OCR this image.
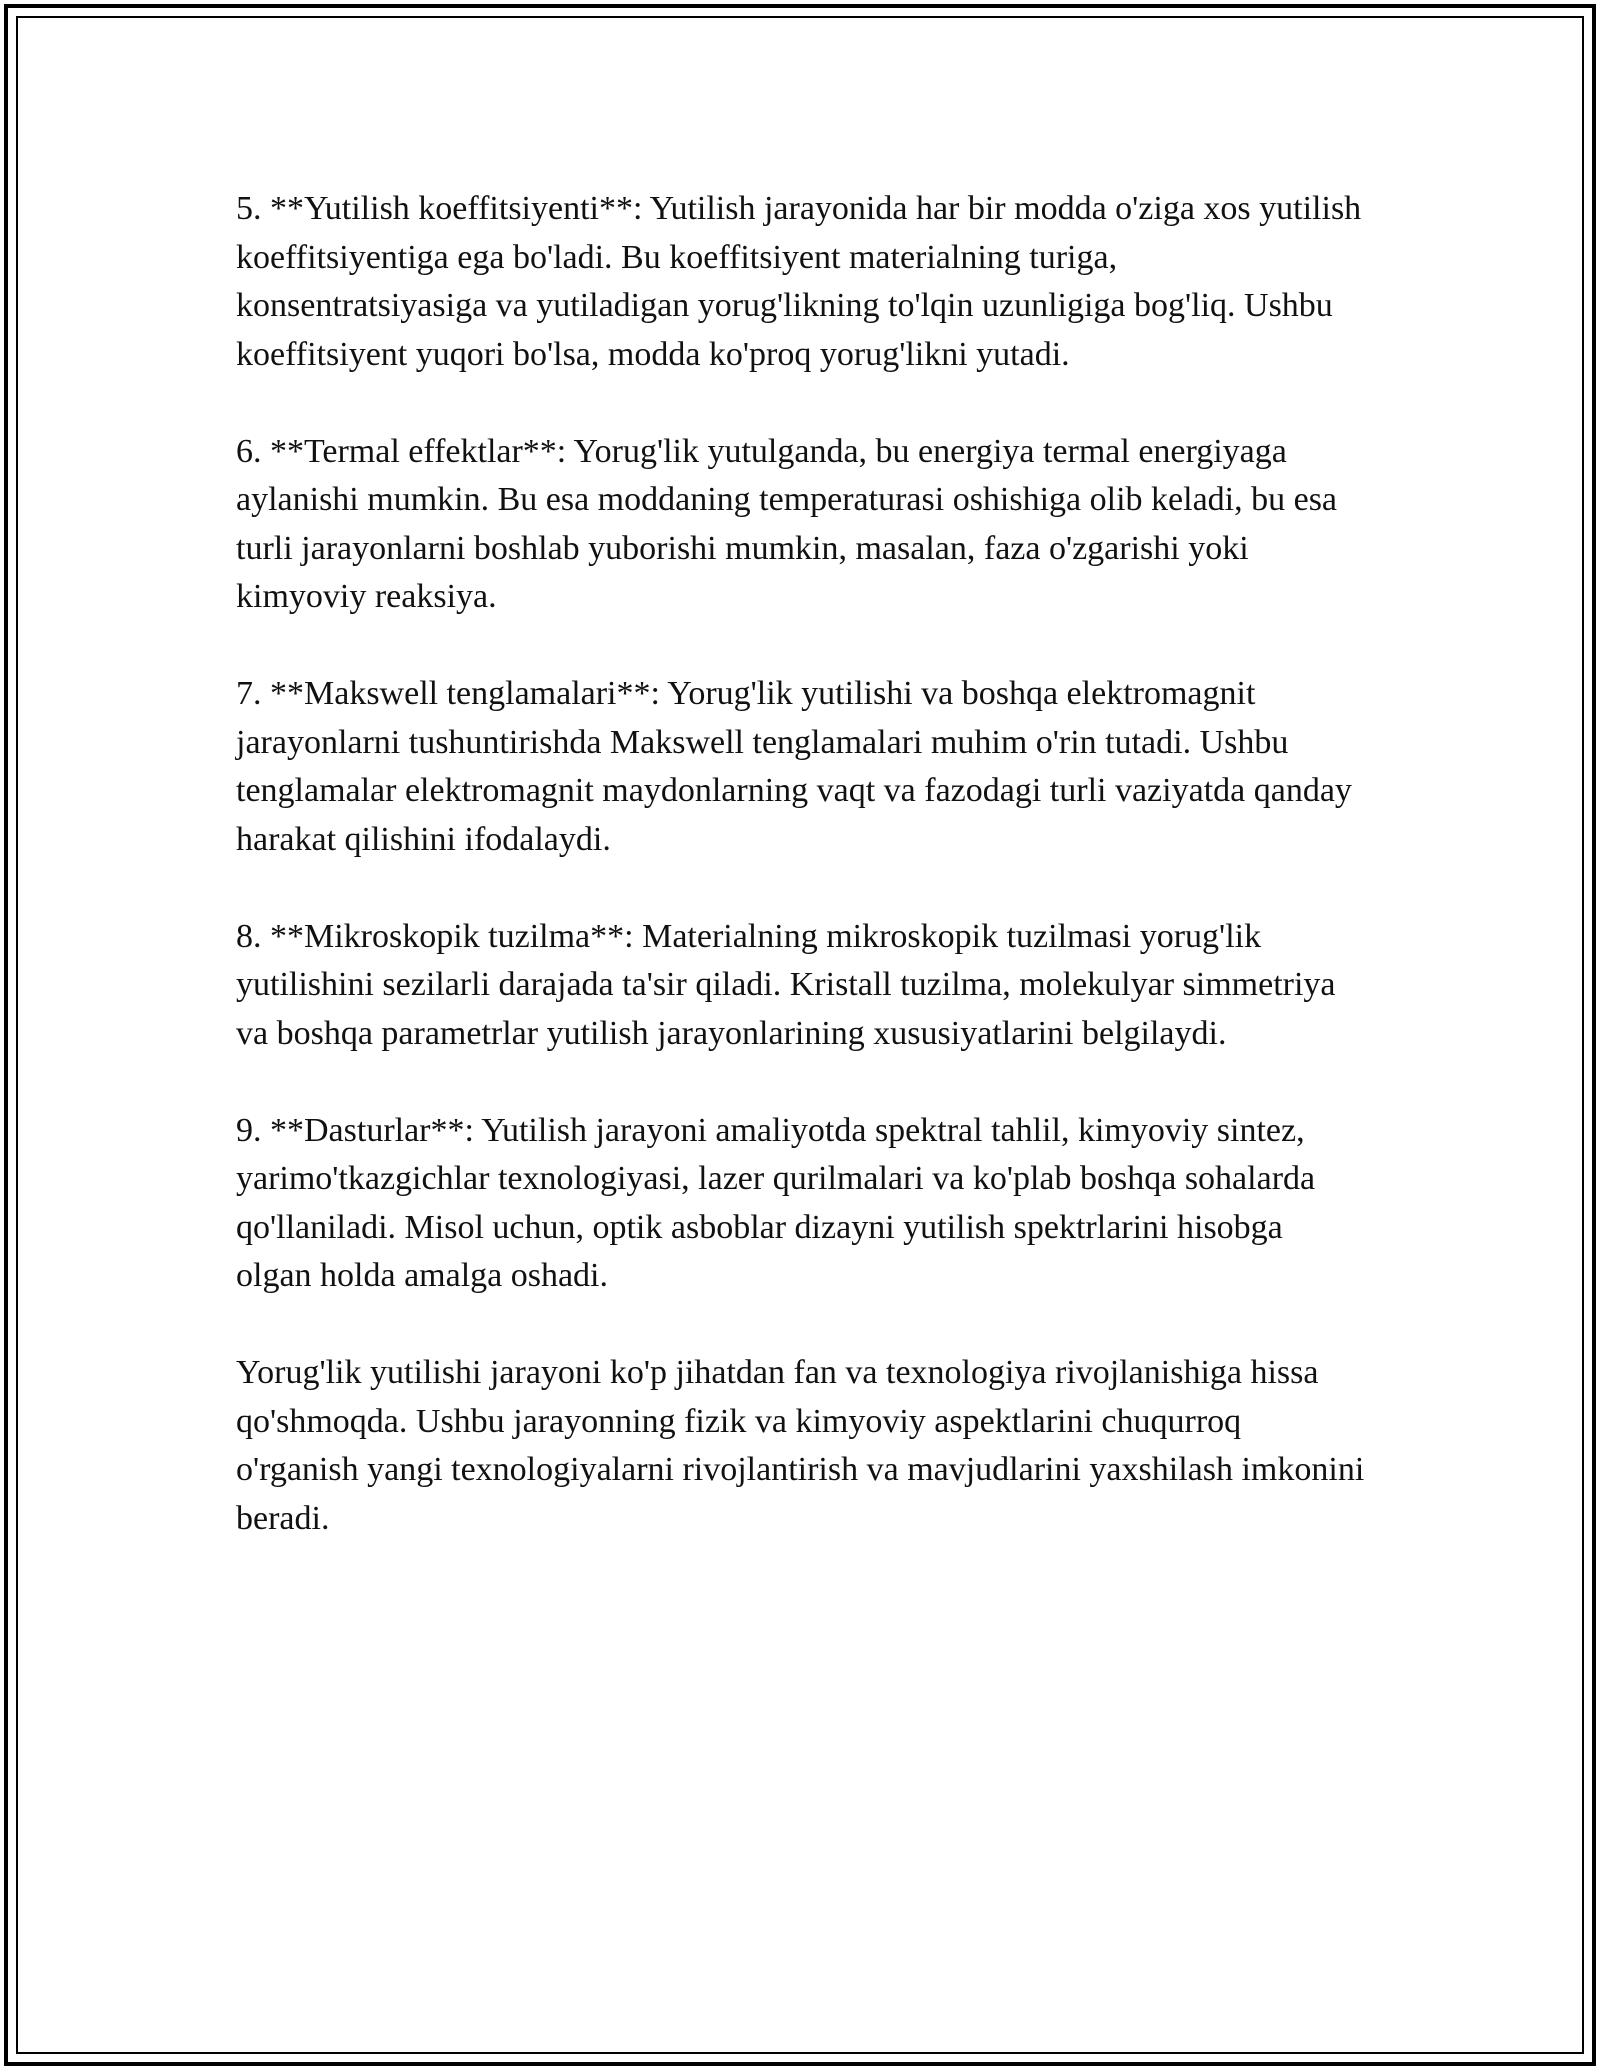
5. **Yutilish koeffitsiyenti**: Yutilish jarayonida har bir modda o'ziga xos yutilish koeffitsiyentiga ega bo'ladi. Bu koeffitsiyent materialning turiga, konsentratsiyasiga va yutiladigan yorug'likning to'lqin uzunligiga bog'liq. Ushbu koeffitsiyent yuqori bo'lsa, modda ko'proq yorug'likni yutadi.

6. **Termal effektlar**: Yorug'lik yutulganda, bu energiya termal energiyaga aylanishi mumkin. Bu esa moddaning temperaturasi oshishiga olib keladi, bu esa turli jarayonlarni boshlab yuborishi mumkin, masalan, faza o'zgarishi yoki kimyoviy reaksiya.

7. **Makswell tenglamalari**: Yorug'lik yutilishi va boshqa elektromagnit jarayonlarni tushuntirishda Makswell tenglamalari muhim o'rin tutadi. Ushbu tenglamalar elektromagnit maydonlarning vaqt va fazodagi turli vaziyatda qanday harakat qilishini ifodalaydi.

8. **Mikroskopik tuzilma**: Materialning mikroskopik tuzilmasi yorug'lik yutilishini sezilarli darajada ta'sir qiladi. Kristall tuzilma, molekulyar simmetriya va boshqa parametrlar yutilish jarayonlarining xususiyatlarini belgilaydi.

9. **Dasturlar**: Yutilish jarayoni amaliyotda spektral tahlil, kimyoviy sintez, yarimo'tkazgichlar texnologiyasi, lazer qurilmalari va ko'plab boshqa sohalarda qo'llaniladi. Misol uchun, optik asboblar dizayni yutilish spektrlarini hisobga olgan holda amalga oshadi.

Yorug'lik yutilishi jarayoni ko'p jihatdan fan va texnologiya rivojlanishiga hissa qo'shmoqda. Ushbu jarayonning fizik va kimyoviy aspektlarini chuqurroq o'rganish yangi texnologiyalarni rivojlantirish va mavjudlarini yaxshilash imkonini beradi.
